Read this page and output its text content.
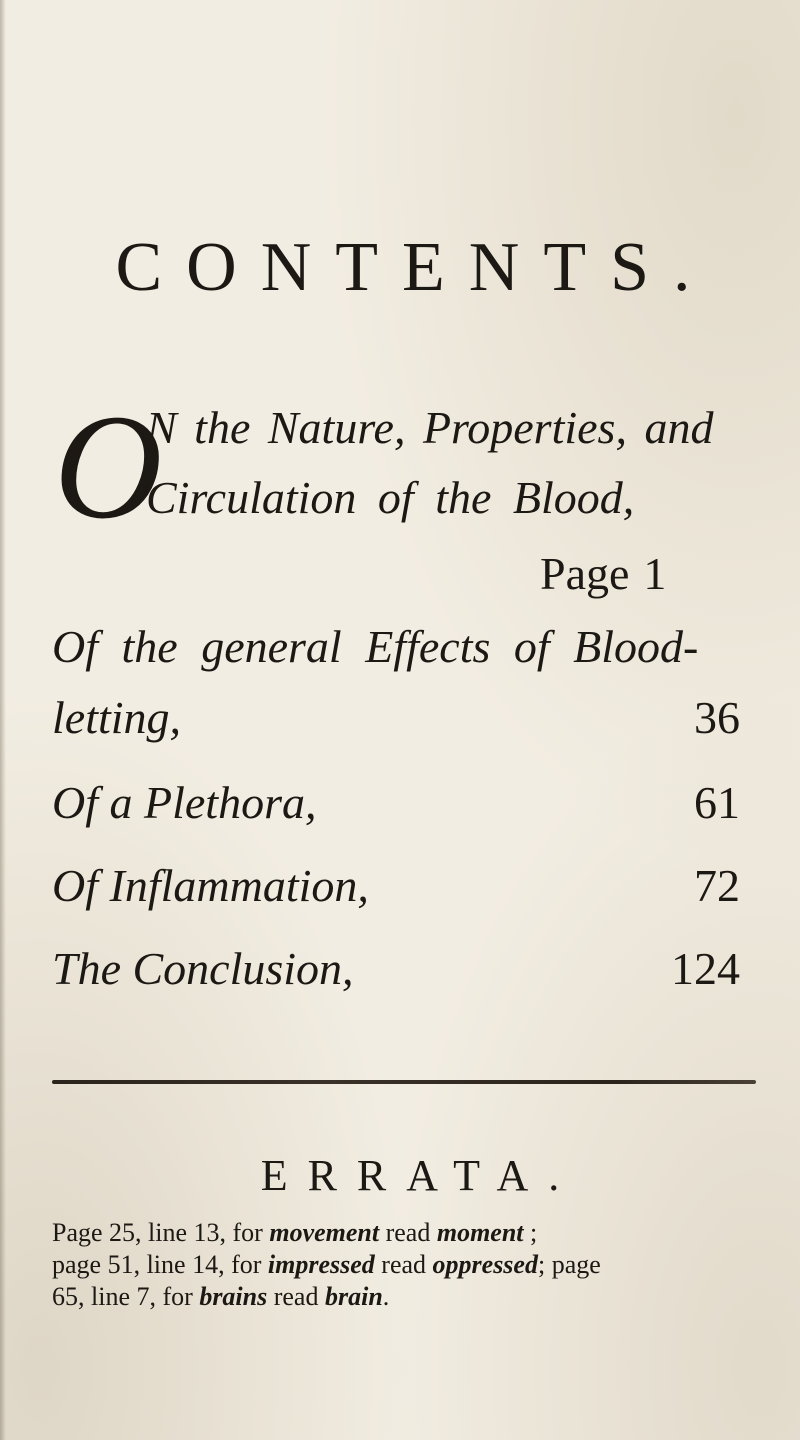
CONTENTS.
O
N the Nature, Properties, and
Circulation of the Blood,
Page 1
Of the general Effects of Blood-
letting,	36
Of a Plethora,	61
Of Inflammation,	72
The Conclusion,	124
ERRATA.
Page 25, line 13, for movement read moment ;
page 51, line 14, for impressed read oppressed; page
65, line 7, for brains read brain.
